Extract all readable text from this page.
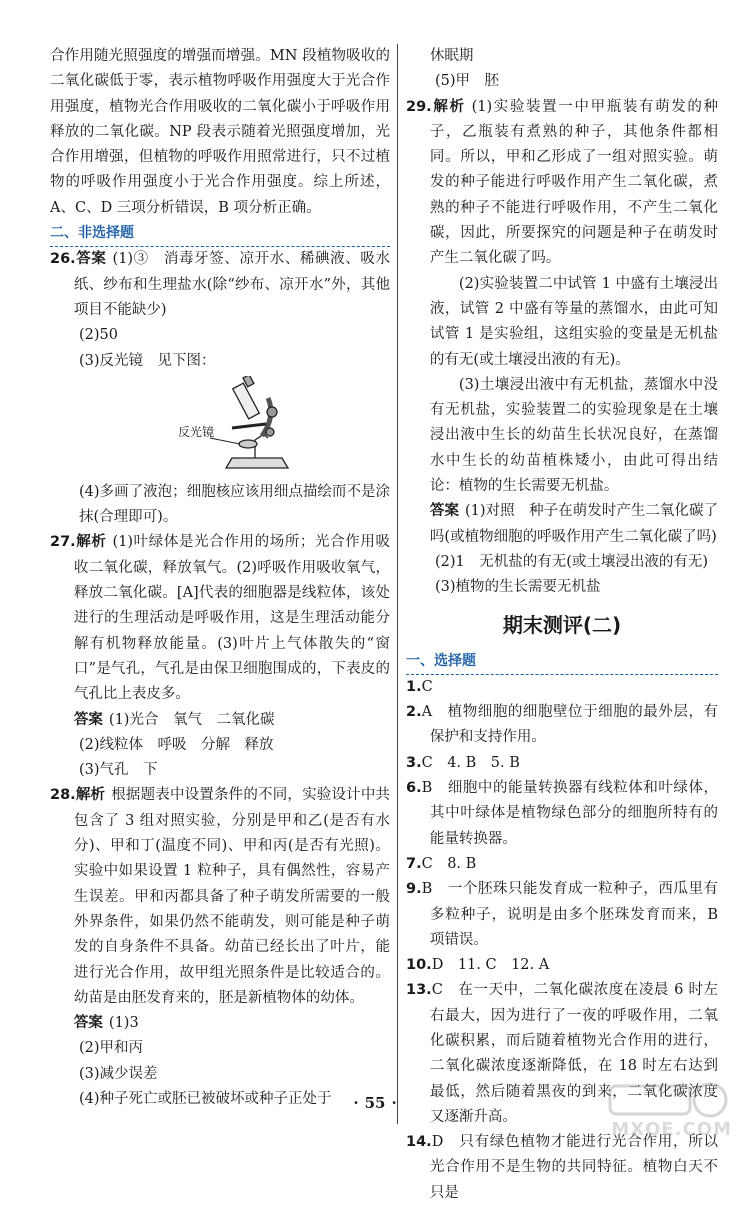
合作用随光照强度的增强而增强。MN 段植物吸收的二氧化碳低于零，表示植物呼吸作用强度大于光合作用强度，植物光合作用吸收的二氧化碳小于呼吸作用释放的二氧化碳。NP 段表示随着光照强度增加，光合作用增强，但植物的呼吸作用照常进行，只不过植物的呼吸作用强度小于光合作用强度。综上所述，A、C、D 三项分析错误，B 项分析正确。

二、非选择题

26.答案 (1)③　消毒牙签、凉开水、稀碘液、吸水纸、纱布和生理盐水(除“纱布、凉开水”外，其他项目不能缺少)

(2)50

(3)反光镜　见下图：

反光镜

(4)多画了液泡；细胞核应该用细点描绘而不是涂抹(合理即可)。

27.解析 (1)叶绿体是光合作用的场所；光合作用吸收二氧化碳，释放氧气。(2)呼吸作用吸收氧气，释放二氧化碳。[A]代表的细胞器是线粒体，该处进行的生理活动是呼吸作用，这是生理活动能分解有机物释放能量。(3)叶片上气体散失的“窗口”是气孔，气孔是由保卫细胞围成的，下表皮的气孔比上表皮多。

答案 (1)光合　氧气　二氧化碳

(2)线粒体　呼吸　分解　释放

(3)气孔　下

28.解析 根据题表中设置条件的不同，实验设计中共包含了 3 组对照实验，分别是甲和乙(是否有水分)、甲和丁(温度不同)、甲和丙(是否有光照)。实验中如果设置 1 粒种子，具有偶然性，容易产生误差。甲和丙都具备了种子萌发所需要的一般外界条件，如果仍然不能萌发，则可能是种子萌发的自身条件不具备。幼苗已经长出了叶片，能进行光合作用，故甲组光照条件是比较适合的。幼苗是由胚发育来的，胚是新植物体的幼体。

答案 (1)3

(2)甲和丙

(3)减少误差

(4)种子死亡或胚已被破坏或种子正处于

休眠期

(5)甲　胚

29.解析 (1)实验装置一中甲瓶装有萌发的种子，乙瓶装有煮熟的种子，其他条件都相同。所以，甲和乙形成了一组对照实验。萌发的种子能进行呼吸作用产生二氧化碳，煮熟的种子不能进行呼吸作用，不产生二氧化碳，因此，所要探究的问题是种子在萌发时产生二氧化碳了吗。

(2)实验装置二中试管 1 中盛有土壤浸出液，试管 2 中盛有等量的蒸馏水，由此可知试管 1 是实验组，这组实验的变量是无机盐的有无(或土壤浸出液的有无)。

(3)土壤浸出液中有无机盐，蒸馏水中没有无机盐，实验装置二的实验现象是在土壤浸出液中生长的幼苗生长状况良好，在蒸馏水中生长的幼苗植株矮小，由此可得出结论：植物的生长需要无机盐。

答案 (1)对照　种子在萌发时产生二氧化碳了吗(或植物细胞的呼吸作用产生二氧化碳了吗)

(2)1　无机盐的有无(或土壤浸出液的有无)

(3)植物的生长需要无机盐

期末测评(二)
一、选择题

1.C

2.A　植物细胞的细胞壁位于细胞的最外层，有保护和支持作用。

3.C　4. B　5. B

6.B　细胞中的能量转换器有线粒体和叶绿体，其中叶绿体是植物绿色部分的细胞所特有的能量转换器。

7.C　8. B

9.B　一个胚珠只能发育成一粒种子，西瓜里有多粒种子，说明是由多个胚珠发育而来，B 项错误。

10.D　11. C　12. A

13.C　在一天中，二氧化碳浓度在凌晨 6 时左右最大，因为进行了一夜的呼吸作用，二氧化碳积累，而后随着植物光合作用的进行，二氧化碳浓度逐渐降低，在 18 时左右达到最低，然后随着黑夜的到来，二氧化碳浓度又逐渐升高。

14.D　只有绿色植物才能进行光合作用，所以光合作用不是生物的共同特征。植物白天不只是

· 55 ·
MXQE.COM
